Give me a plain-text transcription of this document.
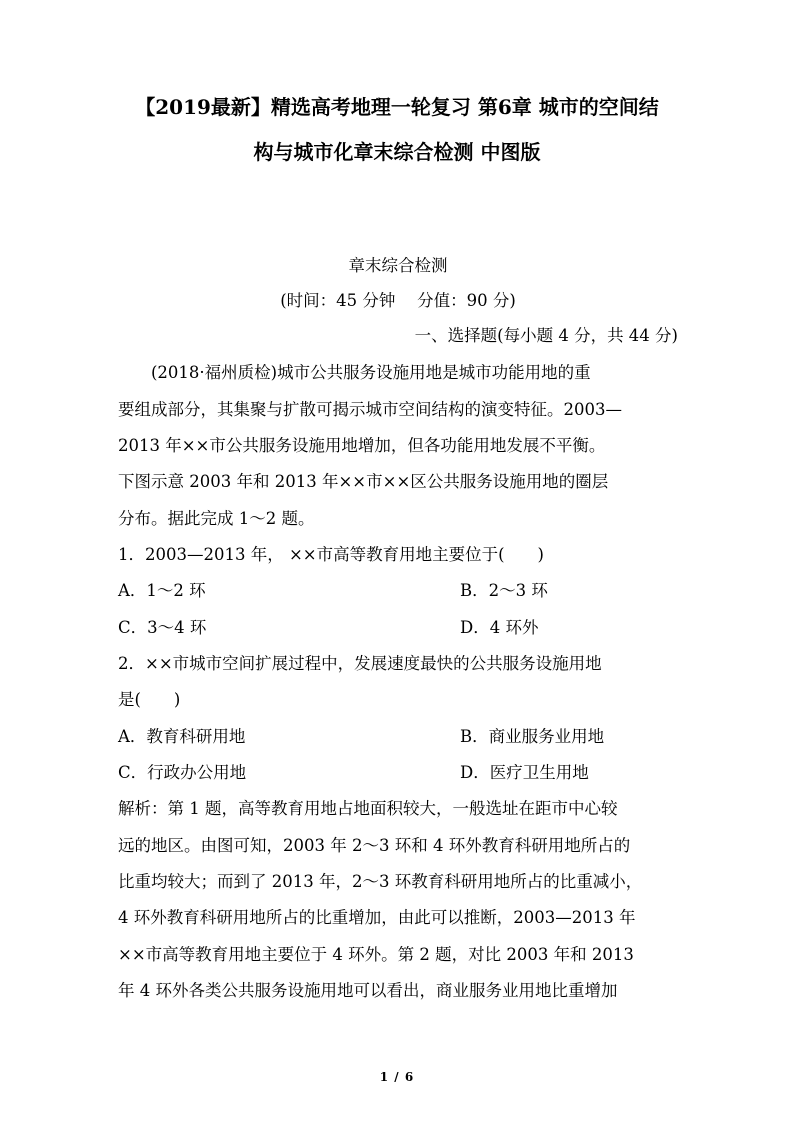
【2019最新】精选高考地理一轮复习 第6章 城市的空间结
构与城市化章末综合检测 中图版
章末综合检测
(时间：45 分钟　 分值：90 分)
一、选择题(每小题 4 分，共 44 分)
　　(2018·福州质检)城市公共服务设施用地是城市功能用地的重
要组成部分，其集聚与扩散可揭示城市空间结构的演变特征。2003—
2013 年××市公共服务设施用地增加，但各功能用地发展不平衡。
下图示意 2003 年和 2013 年××市××区公共服务设施用地的圈层
分布。据此完成 1～2 题。
1．2003—2013 年， ××市高等教育用地主要位于(　　)
A．1～2 环	B．2～3 环
C．3～4 环	D．4 环外
2．××市城市空间扩展过程中，发展速度最快的公共服务设施用地
是(　　)
A．教育科研用地	B．商业服务业用地
C．行政办公用地	D．医疗卫生用地
解析：第 1 题，高等教育用地占地面积较大，一般选址在距市中心较
远的地区。由图可知，2003 年 2～3 环和 4 环外教育科研用地所占的
比重均较大；而到了 2013 年，2～3 环教育科研用地所占的比重减小，
4 环外教育科研用地所占的比重增加，由此可以推断，2003—2013 年
××市高等教育用地主要位于 4 环外。第 2 题，对比 2003 年和 2013
年 4 环外各类公共服务设施用地可以看出，商业服务业用地比重增加
1 / 6
